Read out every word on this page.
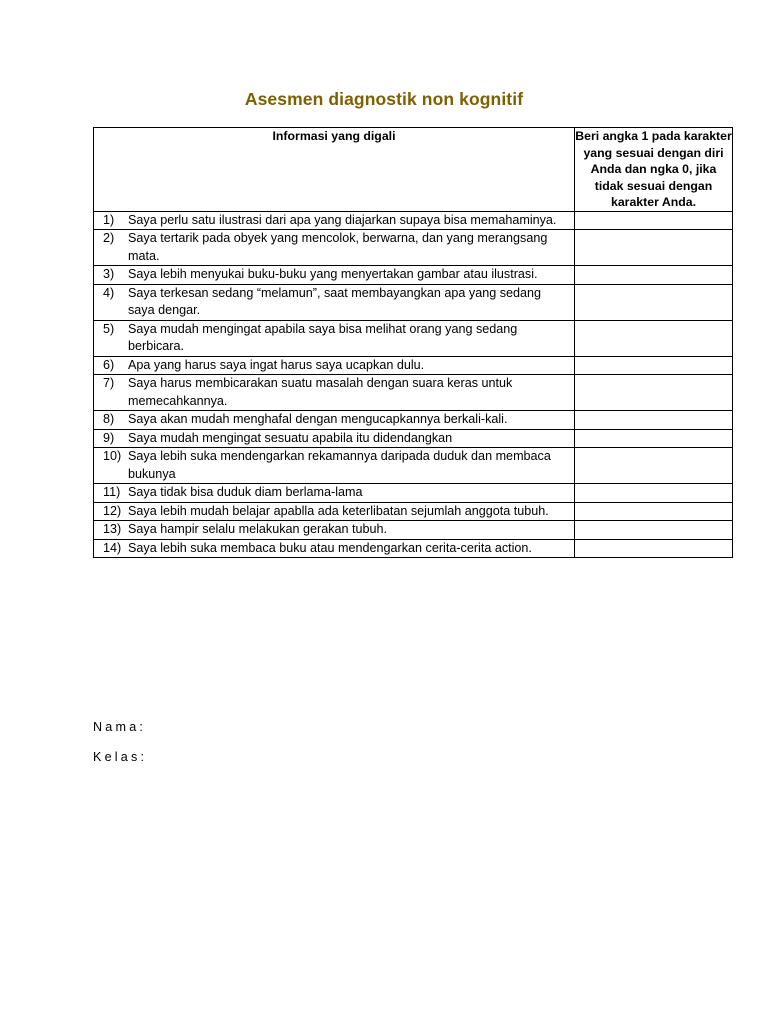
Asesmen diagnostik non kognitif
Informasi yang digali	Beri angka 1 pada karakter yang sesuai dengan diri Anda dan ngka 0, jika tidak sesuai dengan karakter Anda.

1) Saya perlu satu ilustrasi dari apa yang diajarkan supaya bisa memahaminya.	

2) Saya tertarik pada obyek yang mencolok, berwarna, dan yang merangsang mata.	

3) Saya lebih menyukai buku-buku yang menyertakan gambar atau ilustrasi.	

4) Saya terkesan sedang “melamun”, saat membayangkan apa yang sedang saya dengar.	

5) Saya mudah mengingat apabila saya bisa melihat orang yang sedang berbicara.	

6) Apa yang harus saya ingat harus saya ucapkan dulu.	

7) Saya harus membicarakan suatu masalah dengan suara keras untuk memecahkannya.	

8) Saya akan mudah menghafal dengan mengucapkannya berkali-kali.	

9) Saya mudah mengingat sesuatu apabila itu didendangkan	

10) Saya lebih suka mendengarkan rekamannya daripada duduk dan membaca bukunya	

11) Saya tidak bisa duduk diam berlama-lama	

12) Saya lebih mudah belajar apablla ada keterlibatan sejumlah anggota tubuh.	

13) Saya hampir selalu melakukan gerakan tubuh.	

14) Saya lebih suka membaca buku atau mendengarkan cerita-cerita action.	

Nama:
Kelas:
